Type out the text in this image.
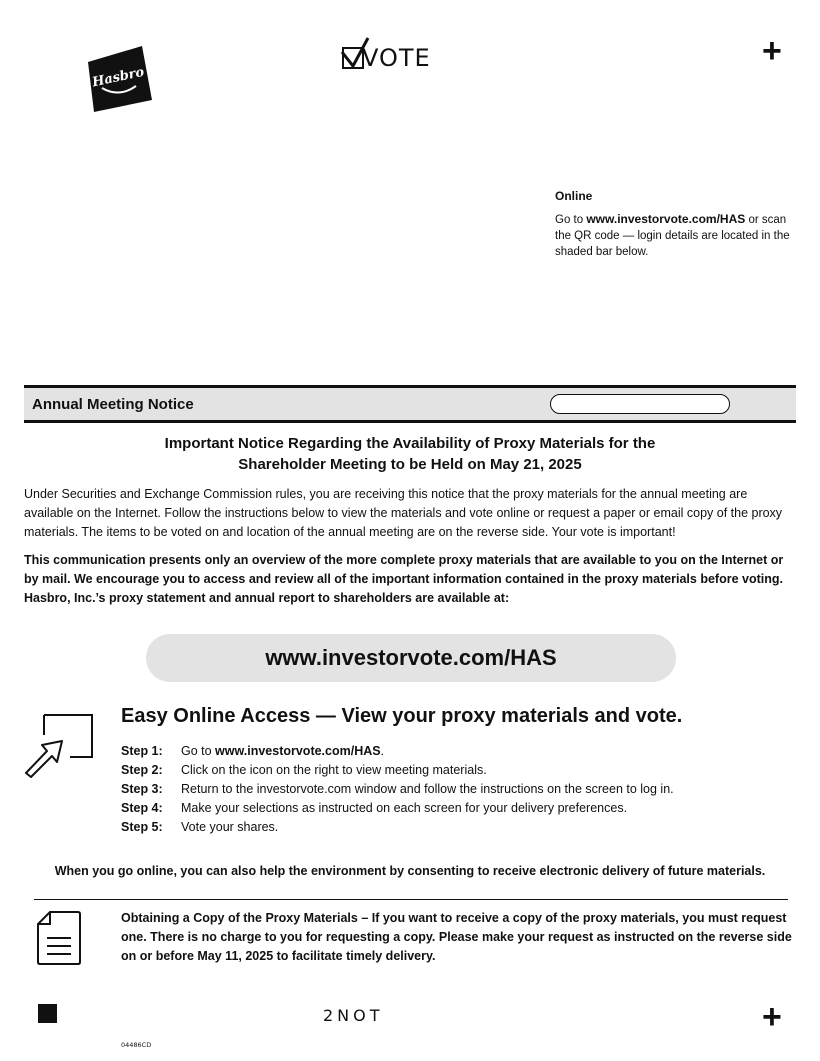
+
Hasbro
VOTE
Online

Go to www.investorvote.com/HAS or scan the QR code — login details are located in the shaded bar below.
Annual Meeting Notice
Important Notice Regarding the Availability of Proxy Materials for the
Shareholder Meeting to be Held on May 21, 2025
Under Securities and Exchange Commission rules, you are receiving this notice that the proxy materials for the annual meeting are available on the Internet. Follow the instructions below to view the materials and vote online or request a paper or email copy of the proxy materials. The items to be voted on and location of the annual meeting are on the reverse side. Your vote is important!
This communication presents only an overview of the more complete proxy materials that are available to you on the Internet or by mail. We encourage you to access and review all of the important information contained in the proxy materials before voting. Hasbro, Inc.’s proxy statement and annual report to shareholders are available at:
www.investorvote.com/HAS
Easy Online Access — View your proxy materials and vote.
Step 1:	Go to www.investorvote.com/HAS.
Step 2:	Click on the icon on the right to view meeting materials.
Step 3:	Return to the investorvote.com window and follow the instructions on the screen to log in.
Step 4:	Make your selections as instructed on each screen for your delivery preferences.
Step 5:	Vote your shares.
When you go online, you can also help the environment by consenting to receive electronic delivery of future materials.
Obtaining a Copy of the Proxy Materials – If you want to receive a copy of the proxy materials, you must request one. There is no charge to you for requesting a copy. Please make your request as instructed on the reverse side on or before May 11, 2025 to facilitate timely delivery.
2NOT	+
04486CD
